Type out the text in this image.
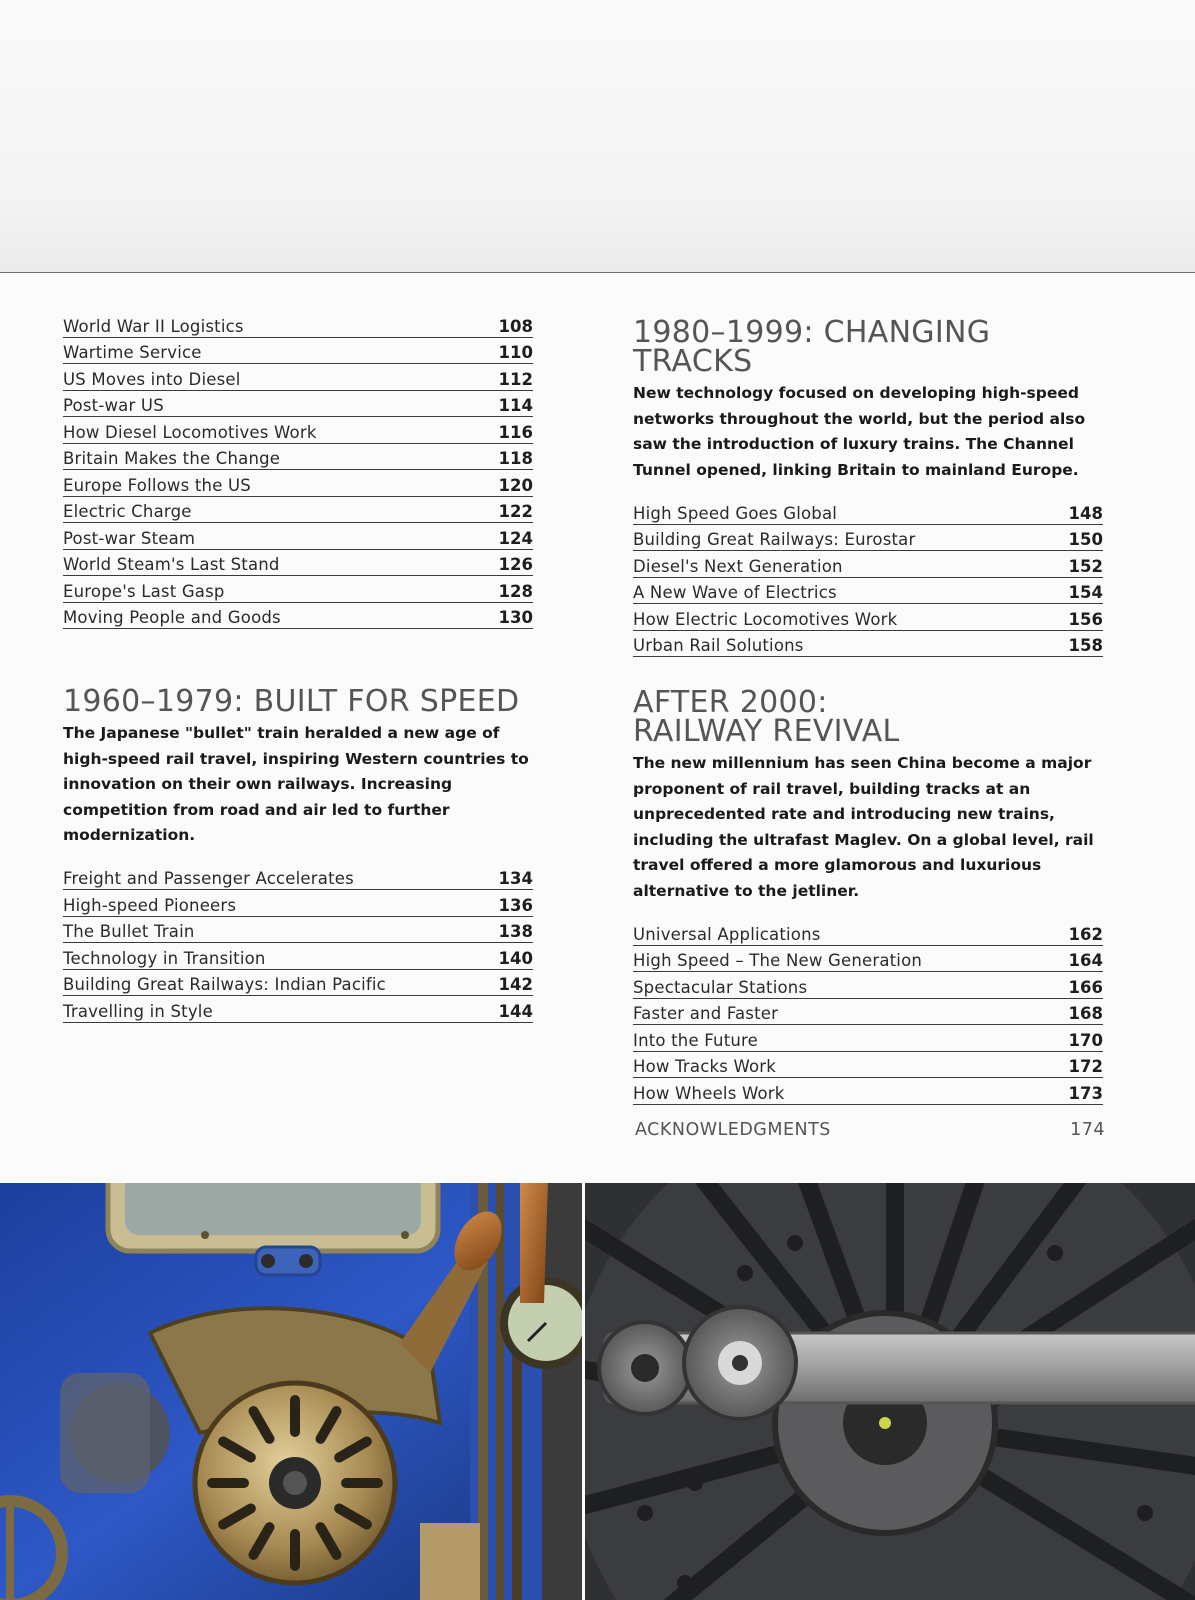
World War II Logistics	108
Wartime Service	110
US Moves into Diesel	112
Post-war US	114
How Diesel Locomotives Work	116
Britain Makes the Change	118
Europe Follows the US	120
Electric Charge	122
Post-war Steam	124
World Steam's Last Stand	126
Europe's Last Gasp	128
Moving People and Goods	130
1960–1979: BUILT FOR SPEED

The Japanese "bullet" train heralded a new age of high-speed rail travel, inspiring Western countries to innovation on their own railways. Increasing competition from road and air led to further modernization.

Freight and Passenger Accelerates	134
High-speed Pioneers	136
The Bullet Train	138
Technology in Transition	140
Building Great Railways: Indian Pacific	142
Travelling in Style	144
1980–1999: CHANGING TRACKS

New technology focused on developing high-speed networks throughout the world, but the period also saw the introduction of luxury trains. The Channel Tunnel opened, linking Britain to mainland Europe.

High Speed Goes Global	148
Building Great Railways: Eurostar	150
Diesel's Next Generation	152
A New Wave of Electrics	154
How Electric Locomotives Work	156
Urban Rail Solutions	158
AFTER 2000:
RAILWAY REVIVAL

The new millennium has seen China become a major proponent of rail travel, building tracks at an unprecedented rate and introducing new trains, including the ultrafast Maglev. On a global level, rail travel offered a more glamorous and luxurious alternative to the jetliner.

Universal Applications	162
High Speed – The New Generation	164
Spectacular Stations	166
Faster and Faster	168
Into the Future	170
How Tracks Work	172
How Wheels Work	173
ACKNOWLEDGMENTS	174
